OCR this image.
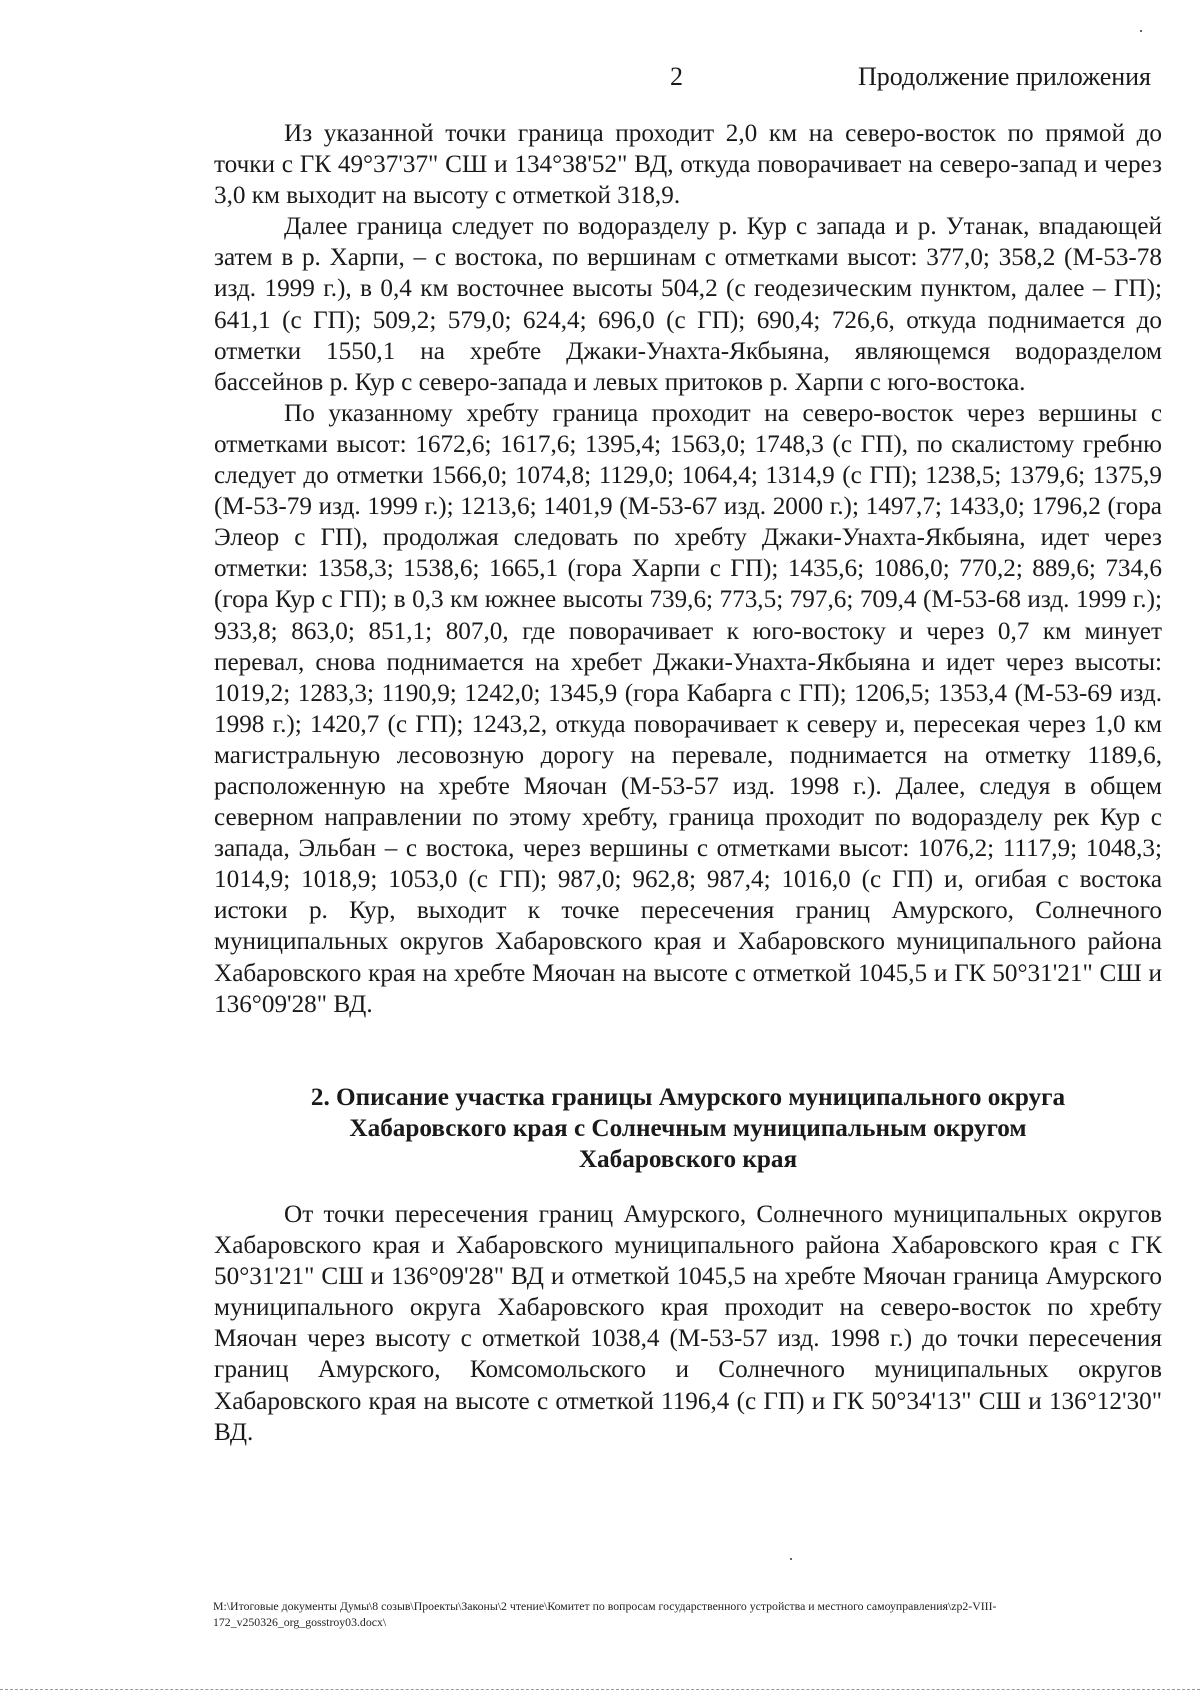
2	Продолжение приложения

Из указанной точки граница проходит 2,0 км на северо-восток по прямой до точки с ГК 49°37'37" СШ и 134°38'52" ВД, откуда поворачивает на северо-запад и через 3,0 км выходит на высоту с отметкой 318,9.

Далее граница следует по водоразделу р. Кур с запада и р. Утанак, впадающей затем в р. Харпи, – с востока, по вершинам с отметками высот: 377,0; 358,2 (М-53-78 изд. 1999 г.), в 0,4 км восточнее высоты 504,2 (с геодезическим пунктом, далее – ГП); 641,1 (с ГП); 509,2; 579,0; 624,4; 696,0 (с ГП); 690,4; 726,6, откуда поднимается до отметки 1550,1 на хребте Джаки-Унахта-Якбыяна, являющемся водоразделом бассейнов р. Кур с северо-запада и левых притоков р. Харпи с юго-востока.

По указанному хребту граница проходит на северо-восток через вершины с отметками высот: 1672,6; 1617,6; 1395,4; 1563,0; 1748,3 (с ГП), по скалистому гребню следует до отметки 1566,0; 1074,8; 1129,0; 1064,4; 1314,9 (с ГП); 1238,5; 1379,6; 1375,9 (М-53-79 изд. 1999 г.); 1213,6; 1401,9 (М-53-67 изд. 2000 г.); 1497,7; 1433,0; 1796,2 (гора Элеор с ГП), продолжая следовать по хребту Джаки-Унахта-Якбыяна, идет через отметки: 1358,3; 1538,6; 1665,1 (гора Харпи с ГП); 1435,6; 1086,0; 770,2; 889,6; 734,6 (гора Кур с ГП); в 0,3 км южнее высоты 739,6; 773,5; 797,6; 709,4 (М-53-68 изд. 1999 г.); 933,8; 863,0; 851,1; 807,0, где поворачивает к юго-востоку и через 0,7 км минует перевал, снова поднимается на хребет Джаки-Унахта-Якбыяна и идет через высоты: 1019,2; 1283,3; 1190,9; 1242,0; 1345,9 (гора Кабарга с ГП); 1206,5; 1353,4 (М-53-69 изд. 1998 г.); 1420,7 (с ГП); 1243,2, откуда поворачивает к северу и, пересекая через 1,0 км магистральную лесовозную дорогу на перевале, поднимается на отметку 1189,6, расположенную на хребте Мяочан (М-53-57 изд. 1998 г.). Далее, следуя в общем северном направлении по этому хребту, граница проходит по водоразделу рек Кур с запада, Эльбан – с востока, через вершины с отметками высот: 1076,2; 1117,9; 1048,3; 1014,9; 1018,9; 1053,0 (с ГП); 987,0; 962,8; 987,4; 1016,0 (с ГП) и, огибая с востока истоки р. Кур, выходит к точке пересечения границ Амурского, Солнечного муниципальных округов Хабаровского края и Хабаровского муниципального района Хабаровского края на хребте Мяочан на высоте с отметкой 1045,5 и ГК 50°31'21" СШ и 136°09'28" ВД.

2. Описание участка границы Амурского муниципального округа
Хабаровского края с Солнечным муниципальным округом
Хабаровского края

От точки пересечения границ Амурского, Солнечного муниципальных округов Хабаровского края и Хабаровского муниципального района Хабаровского края с ГК 50°31'21" СШ и 136°09'28" ВД и отметкой 1045,5 на хребте Мяочан граница Амурского муниципального округа Хабаровского края проходит на северо-восток по хребту Мяочан через высоту с отметкой 1038,4 (М-53-57 изд. 1998 г.) до точки пересечения границ Амурского, Комсомольского и Солнечного муниципальных округов Хабаровского края на высоте с отметкой 1196,4 (с ГП) и ГК 50°34'13" СШ и 136°12'30" ВД.

M:\Итоговые документы Думы\8 созыв\Проекты\Законы\2 чтение\Комитет по вопросам государственного устройства и местного самоуправления\zp2-VIII-172_v250326_org_gosstroy03.docx\
